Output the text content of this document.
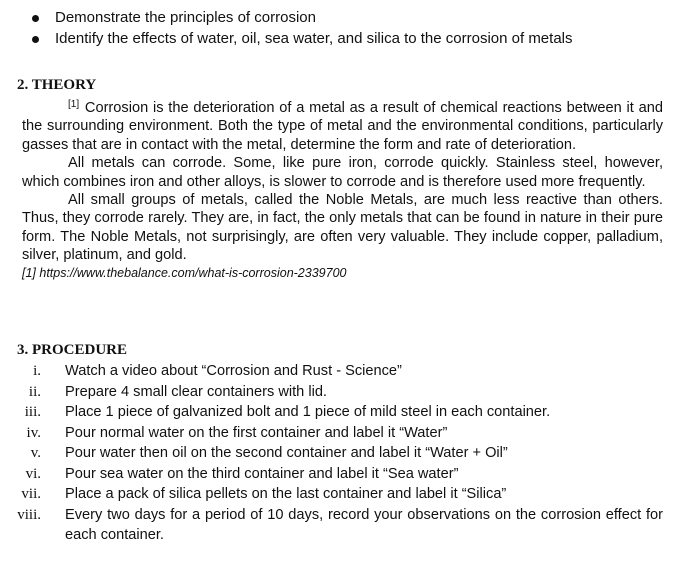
Demonstrate the principles of corrosion
Identify the effects of water, oil, sea water, and silica to the corrosion of metals
2. THEORY

[1] Corrosion is the deterioration of a metal as a result of chemical reactions between it and the surrounding environment. Both the type of metal and the environmental conditions, particularly gasses that are in contact with the metal, determine the form and rate of deterioration.

All metals can corrode. Some, like pure iron, corrode quickly. Stainless steel, however, which combines iron and other alloys, is slower to corrode and is therefore used more frequently.

All small groups of metals, called the Noble Metals, are much less reactive than others. Thus, they corrode rarely. They are, in fact, the only metals that can be found in nature in their pure form. The Noble Metals, not surprisingly, are often very valuable. They include copper, palladium, silver, platinum, and gold.

[1] https://www.thebalance.com/what-is-corrosion-2339700
3. PROCEDURE
i. Watch a video about “Corrosion and Rust - Science”
ii. Prepare 4 small clear containers with lid.
iii. Place 1 piece of galvanized bolt and 1 piece of mild steel in each container.
iv. Pour normal water on the first container and label it “Water”
v. Pour water then oil on the second container and label it “Water + Oil”
vi. Pour sea water on the third container and label it “Sea water”
vii. Place a pack of silica pellets on the last container and label it “Silica”
viii. Every two days for a period of 10 days, record your observations on the corrosion effect for each container.
